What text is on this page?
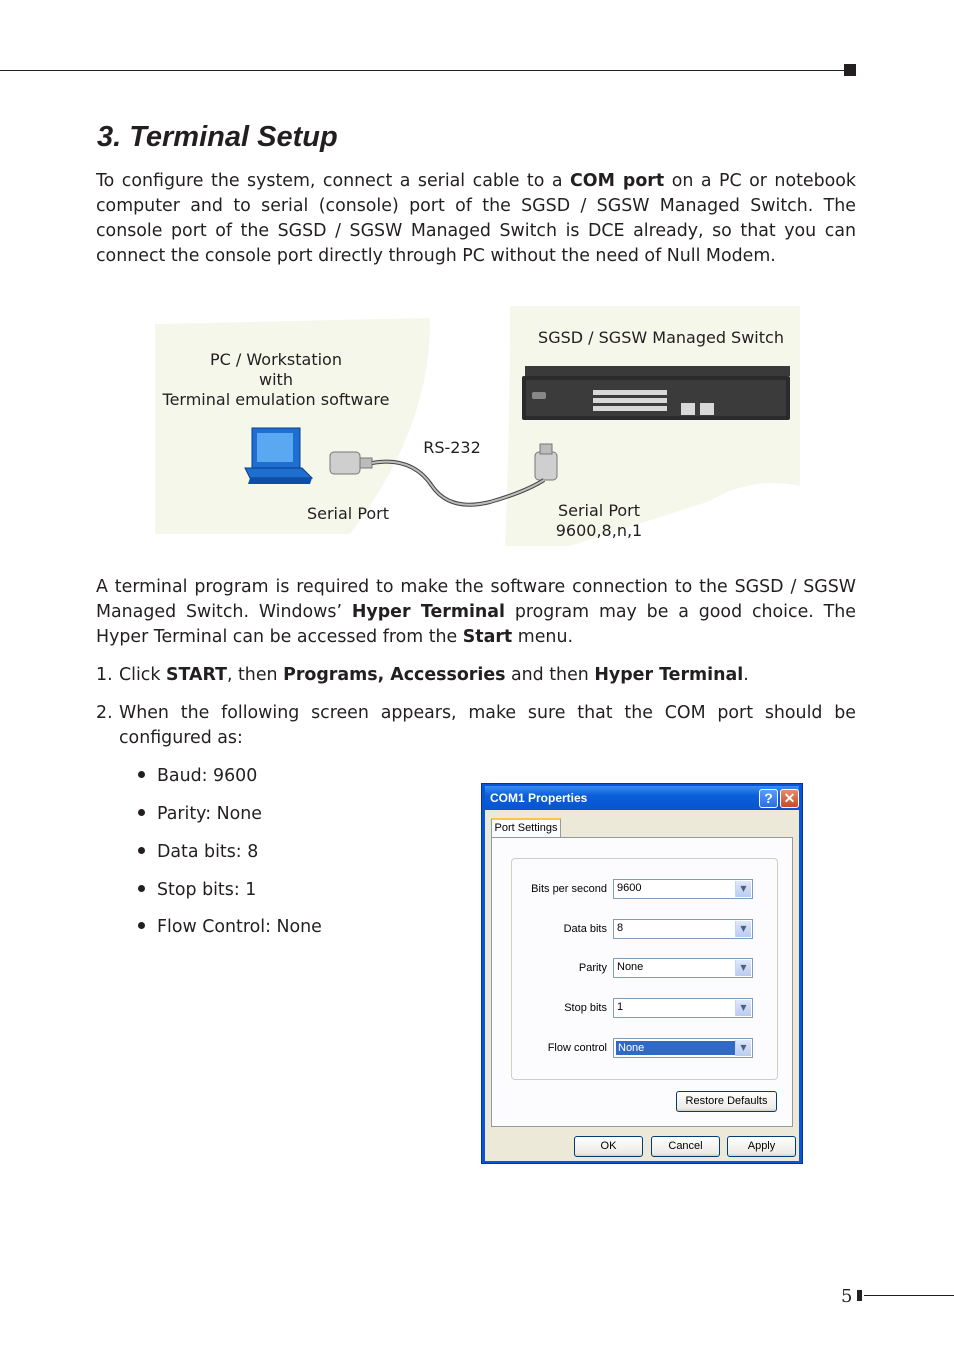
3. Terminal Setup
To configure the system, connect a serial cable to a COM port on a PC or notebook computer and to serial (console) port of the SGSD / SGSW Managed Switch. The console port of the SGSD / SGSW Managed Switch is DCE already, so that you can connect the console port directly through PC without the need of Null Modem.
PC / Workstation
with
Terminal emulation software
SGSD / SGSW Managed Switch
RS-232
Serial Port	Serial Port
9600,8,n,1
A terminal program is required to make the software connection to the SGSD / SGSW Managed Switch. Windows’ Hyper Terminal program may be a good choice. The Hyper Terminal can be accessed from the Start menu.
1. Click START, then Programs, Accessories and then Hyper Terminal.
2. When the following screen appears, make sure that the COM port should be configured as:
Baud: 9600
Parity: None
Data bits: 8
Stop bits: 1
Flow Control: None
COM1 Properties	? ✕
Port Settings
Bits per second 9600	▼
Data bits 8	▼
Parity None	▼
Stop bits 1	▼
Flow control None	▼
Restore Defaults
OK	Cancel	Apply
5
